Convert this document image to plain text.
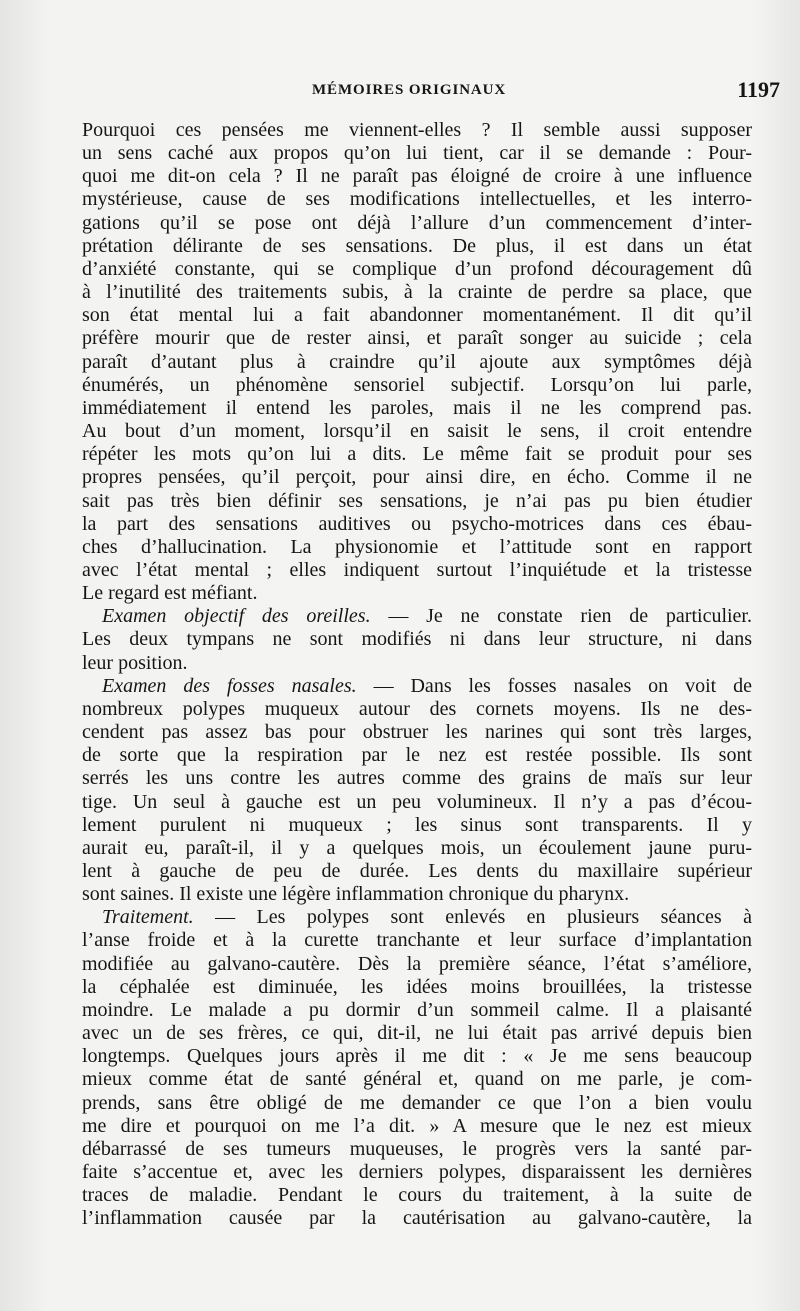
MÉMOIRES ORIGINAUX	1197
Pourquoi ces pensées me viennent-elles ? Il semble aussi supposer
un sens caché aux propos qu’on lui tient, car il se demande : Pour-
quoi me dit-on cela ? Il ne paraît pas éloigné de croire à une influence
mystérieuse, cause de ses modifications intellectuelles, et les interro-
gations qu’il se pose ont déjà l’allure d’un commencement d’inter-
prétation délirante de ses sensations. De plus, il est dans un état
d’anxiété constante, qui se complique d’un profond découragement dû
à l’inutilité des traitements subis, à la crainte de perdre sa place, que
son état mental lui a fait abandonner momentanément. Il dit qu’il
préfère mourir que de rester ainsi, et paraît songer au suicide ; cela
paraît d’autant plus à craindre qu’il ajoute aux symptômes déjà
énumérés, un phénomène sensoriel subjectif. Lorsqu’on lui parle,
immédiatement il entend les paroles, mais il ne les comprend pas.
Au bout d’un moment, lorsqu’il en saisit le sens, il croit entendre
répéter les mots qu’on lui a dits. Le même fait se produit pour ses
propres pensées, qu’il perçoit, pour ainsi dire, en écho. Comme il ne
sait pas très bien définir ses sensations, je n’ai pas pu bien étudier
la part des sensations auditives ou psycho-motrices dans ces ébau-
ches d’hallucination. La physionomie et l’attitude sont en rapport
avec l’état mental ; elles indiquent surtout l’inquiétude et la tristesse
Le regard est méfiant.
Examen objectif des oreilles. — Je ne constate rien de particulier.
Les deux tympans ne sont modifiés ni dans leur structure, ni dans
leur position.
Examen des fosses nasales. — Dans les fosses nasales on voit de
nombreux polypes muqueux autour des cornets moyens. Ils ne des-
cendent pas assez bas pour obstruer les narines qui sont très larges,
de sorte que la respiration par le nez est restée possible. Ils sont
serrés les uns contre les autres comme des grains de maïs sur leur
tige. Un seul à gauche est un peu volumineux. Il n’y a pas d’écou-
lement purulent ni muqueux ; les sinus sont transparents. Il y
aurait eu, paraît-il, il y a quelques mois, un écoulement jaune puru-
lent à gauche de peu de durée. Les dents du maxillaire supérieur
sont saines. Il existe une légère inflammation chronique du pharynx.
Traitement. — Les polypes sont enlevés en plusieurs séances à
l’anse froide et à la curette tranchante et leur surface d’implantation
modifiée au galvano-cautère. Dès la première séance, l’état s’améliore,
la céphalée est diminuée, les idées moins brouillées, la tristesse
moindre. Le malade a pu dormir d’un sommeil calme. Il a plaisanté
avec un de ses frères, ce qui, dit-il, ne lui était pas arrivé depuis bien
longtemps. Quelques jours après il me dit : « Je me sens beaucoup
mieux comme état de santé général et, quand on me parle, je com-
prends, sans être obligé de me demander ce que l’on a bien voulu
me dire et pourquoi on me l’a dit. » A mesure que le nez est mieux
débarrassé de ses tumeurs muqueuses, le progrès vers la santé par-
faite s’accentue et, avec les derniers polypes, disparaissent les dernières
traces de maladie. Pendant le cours du traitement, à la suite de
l’inflammation causée par la cautérisation au galvano-cautère, la
